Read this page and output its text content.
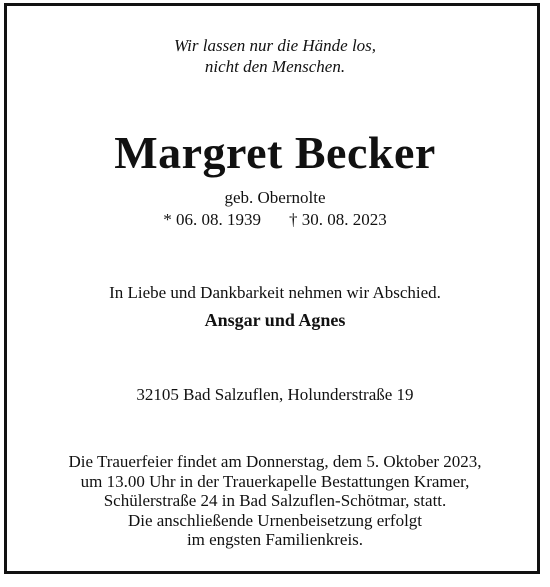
Wir lassen nur die Hände los,
nicht den Menschen.
Margret Becker
geb. Obernolte
* 06. 08. 1939 † 30. 08. 2023
In Liebe und Dankbarkeit nehmen wir Abschied.
Ansgar und Agnes
32105 Bad Salzuflen, Holunderstraße 19
Die Trauerfeier findet am Donnerstag, dem 5. Oktober 2023,
um 13.00 Uhr in der Trauerkapelle Bestattungen Kramer,
Schülerstraße 24 in Bad Salzuflen-Schötmar, statt.
Die anschließende Urnenbeisetzung erfolgt
im engsten Familienkreis.
